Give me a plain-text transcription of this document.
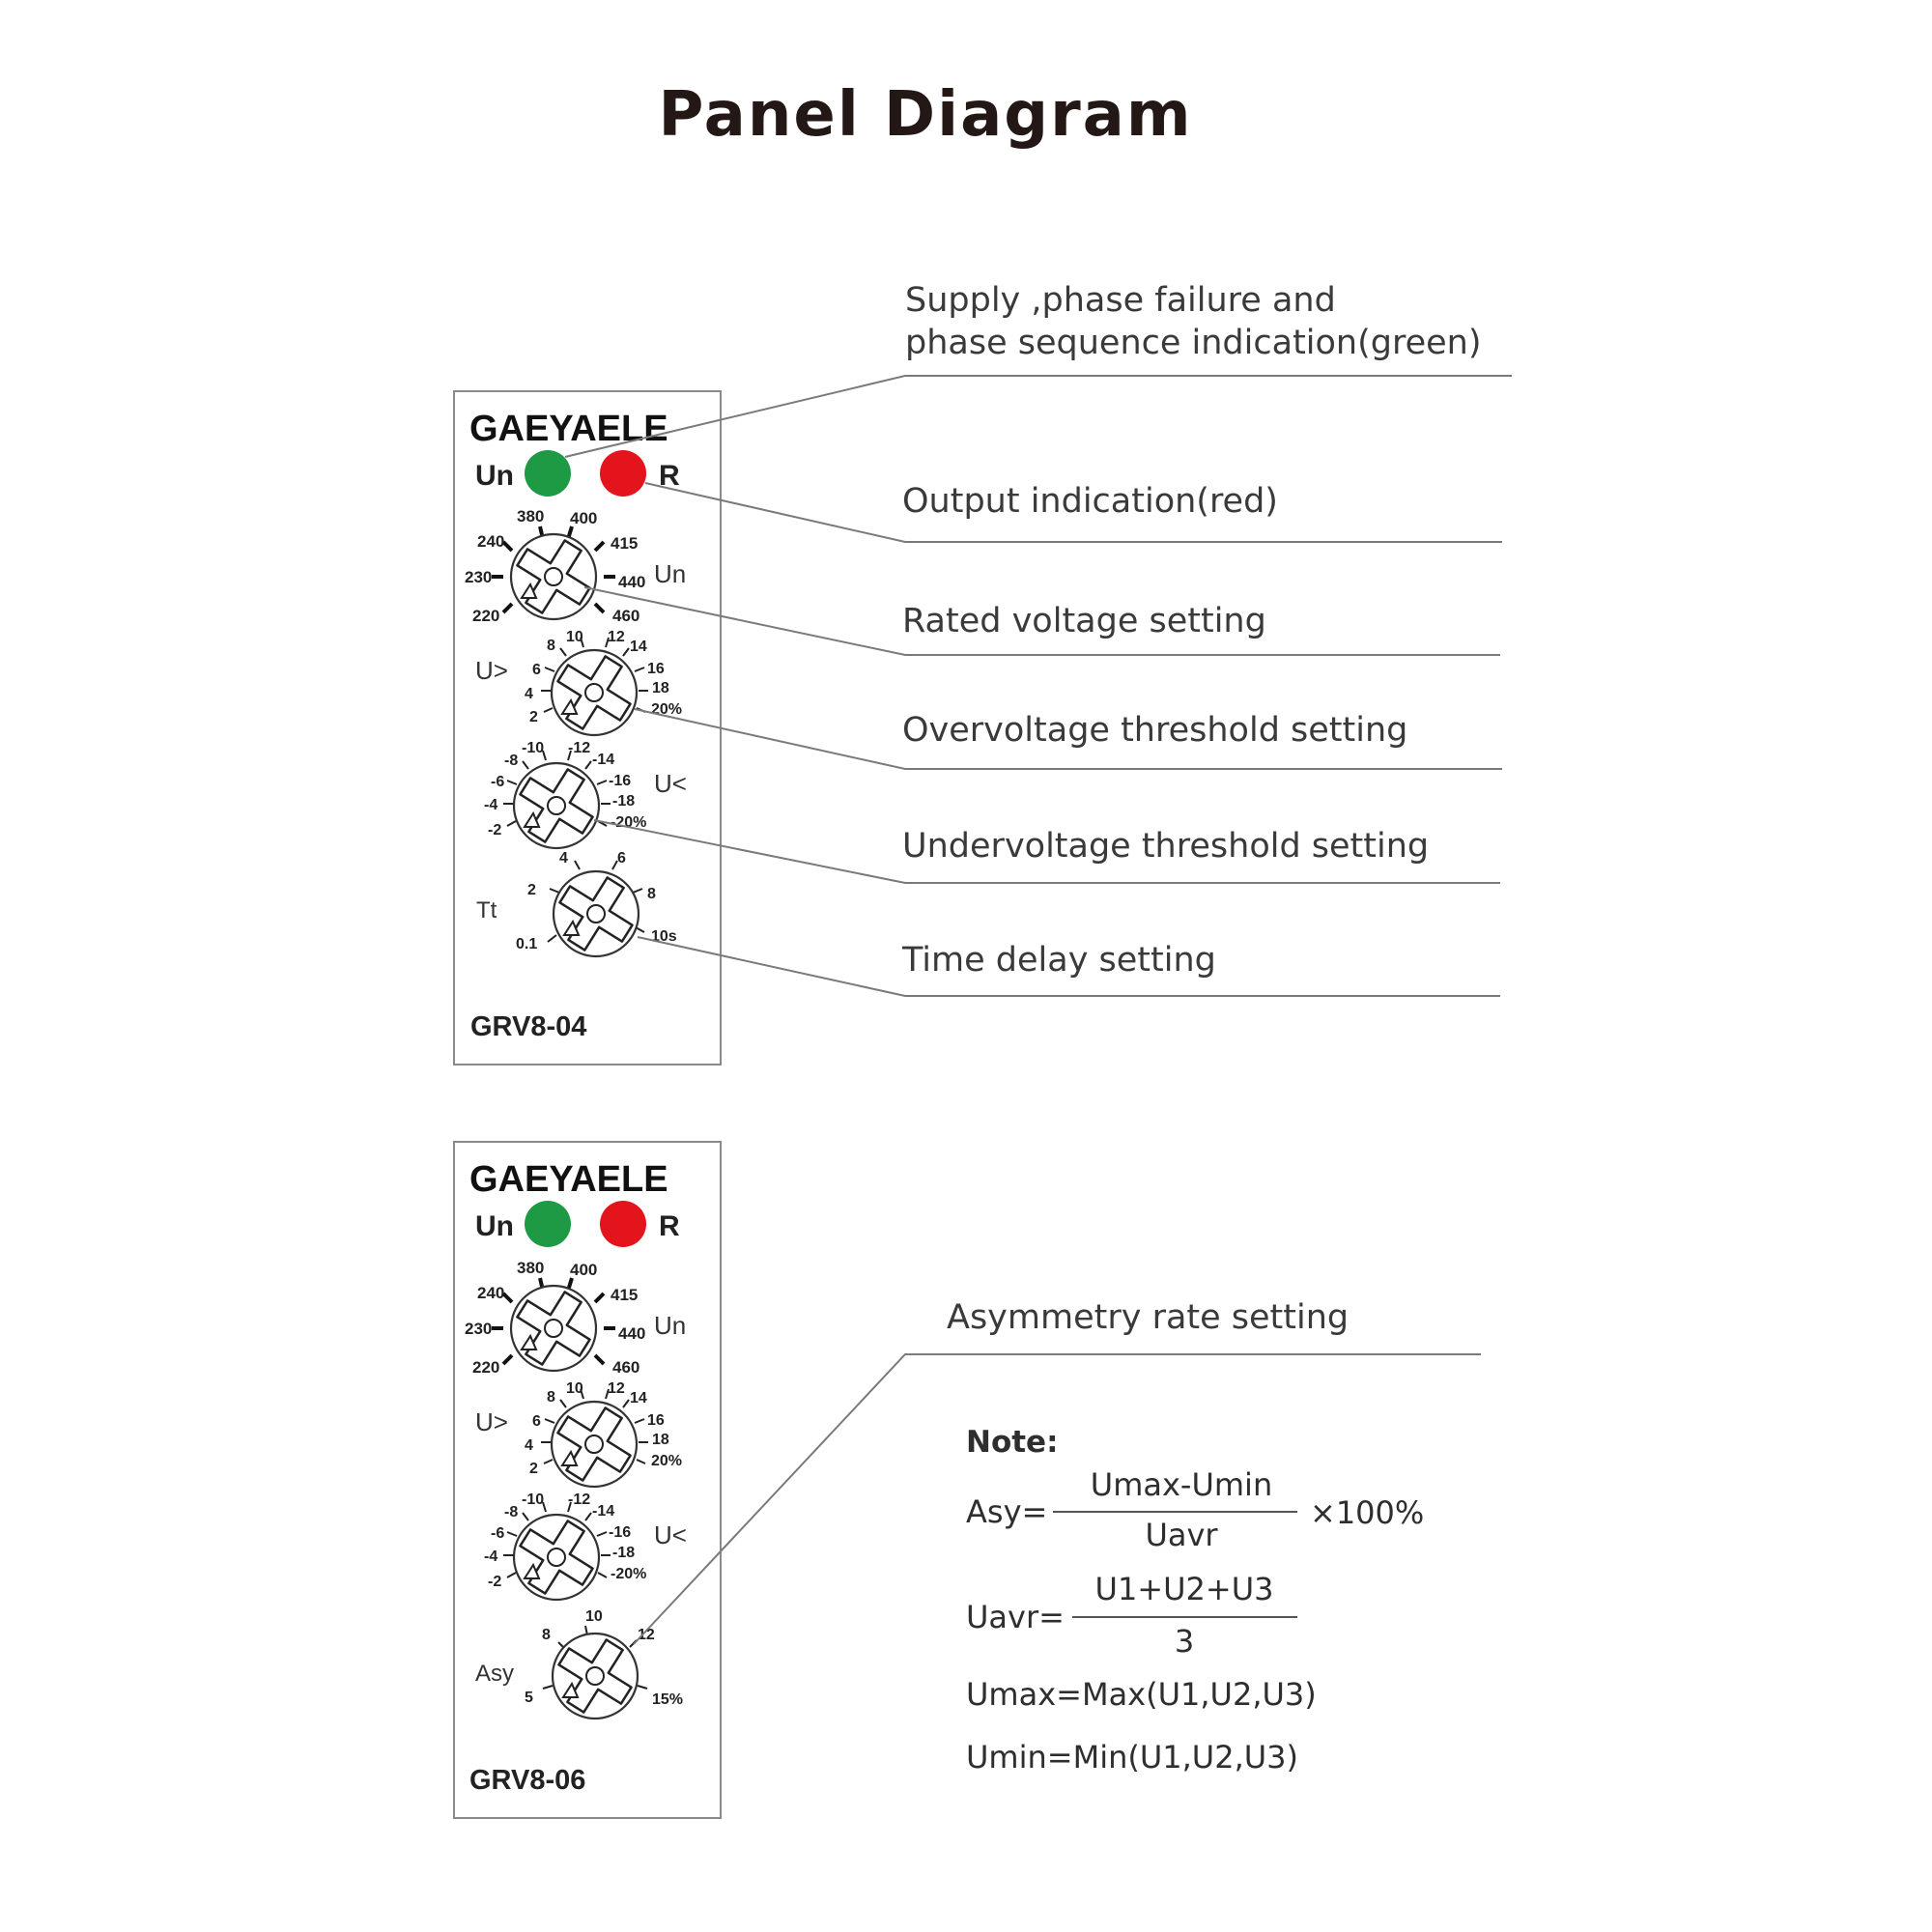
Panel Diagram
GAEYAELE
Un	R
220
230
240
380 400
415
440
460
Un
2
4
6
8
10 12
14
16
18
20%
U>
-2
-4
-6
-8
-10 -12
-14
-16
-18
-20%
U<
0.1
2
4	6
8
10s
Tt
GRV8-04
GAEYAELE
Un	R
220
230
240
380 400
415
440
460
Un
2
4
6
8
10 12
14
16
18
20%
U>
-2
-4
-6
-8
-10 -12
-14
-16
-18
-20%
U<
5
8
10
12
15%
Asy
GRV8-06
Supply ,phase failure and
phase sequence indication(green)
Output indication(red)
Rated voltage setting
Overvoltage threshold setting
Undervoltage threshold setting
Time delay setting
Asymmetry rate setting
Note:
Asy=
Umax-Umin
Uavr
×100%
Uavr=
U1+U2+U3
3
Umax=Max(U1,U2,U3)
Umin=Min(U1,U2,U3)
